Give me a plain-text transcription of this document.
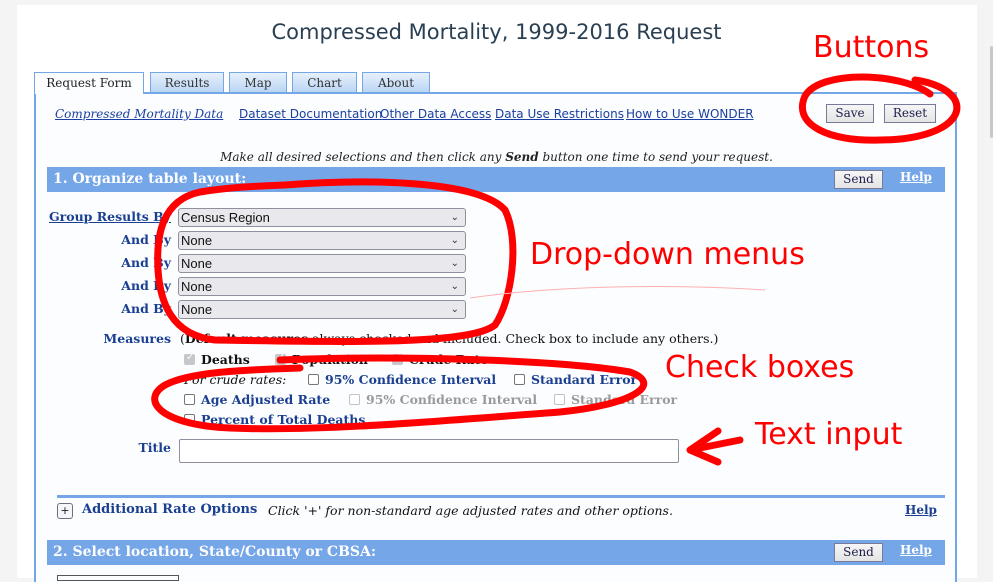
Compressed Mortality, 1999-2016 Request
Request Form	Results	Map	Chart	About
Compressed Mortality Data Dataset Documentation
Other Data Access Data Use Restrictions How to Use WONDER	Save	Reset
Make all desired selections and then click any Send button one time to send your request.
1. Organize table layout:	Send	Help
Group Results By Census Region	⌄
And By None	⌄
And By None	⌄
And By None	⌄
And By None	⌄
Measures (Default measures always checked and included. Check box to include any others.)
✓
Deaths ✓	Population ✓	Crude Rate
For crude rates:	95% Confidence Interval	Standard Error
Age Adjusted Rate	95% Confidence Interval	Standard Error
Percent of Total Deaths
Title
+ Additional Rate Options Click '+' for non-standard age adjusted rates and other options.	Help
2. Select location, State/County or CBSA:	Send	Help
Buttons
Drop-down menus
Check boxes
Text input
